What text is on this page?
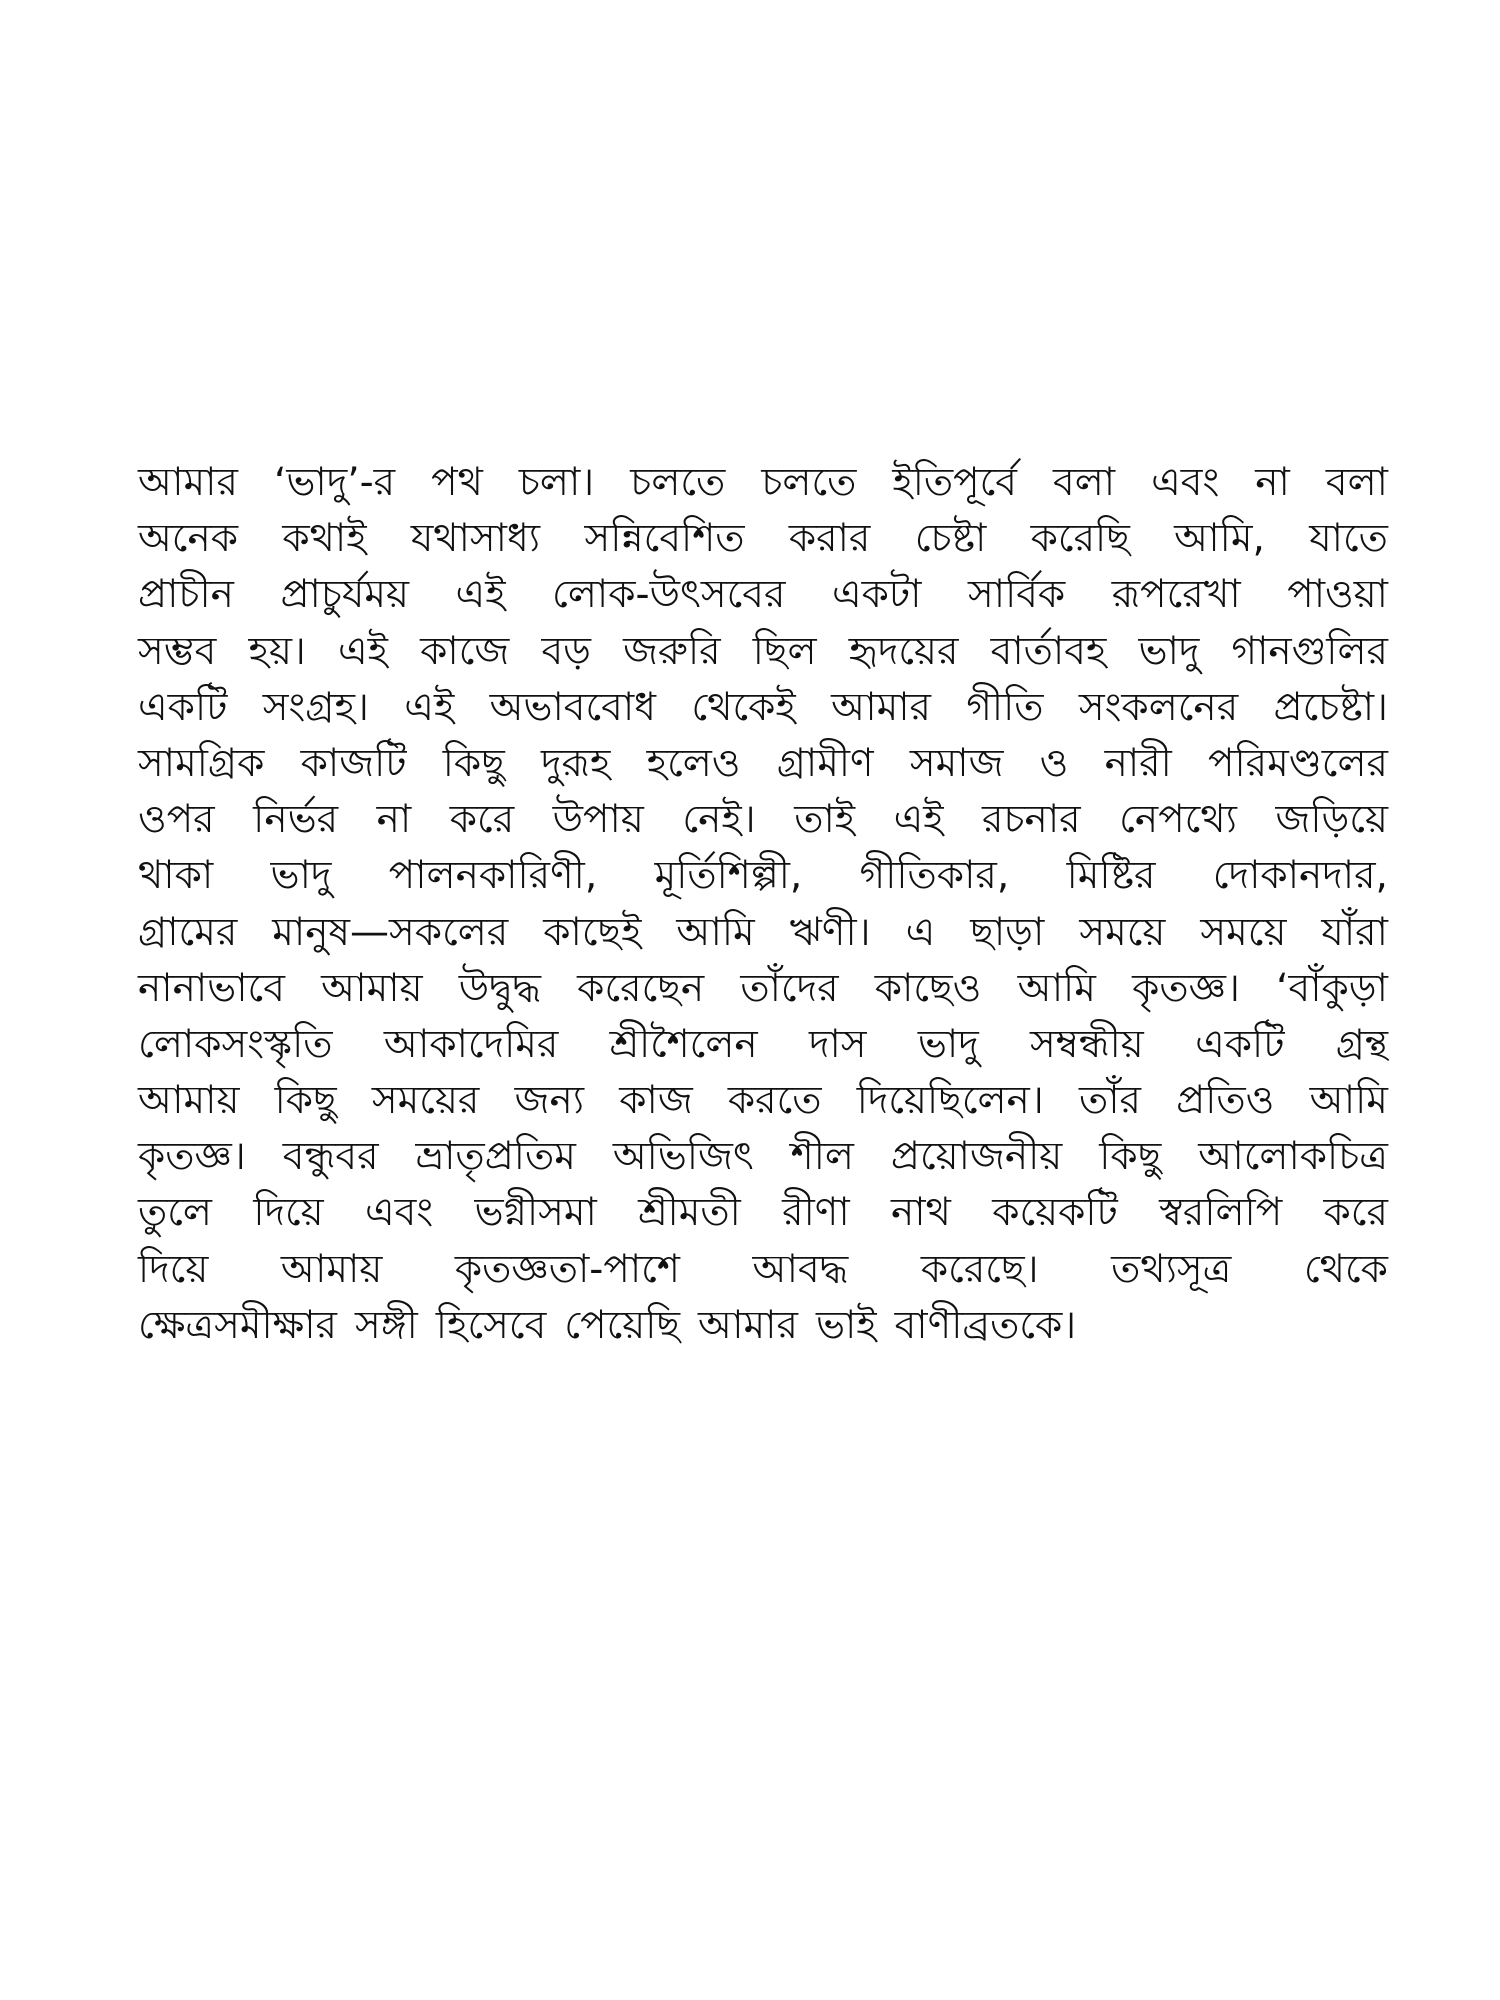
আমার ‘ভাদু’-র পথ চলা। চলতে চলতে ইতিপূর্বে বলা এবং না বলা
অনেক কথাই যথাসাধ্য সন্নিবেশিত করার চেষ্টা করেছি আমি, যাতে
প্রাচীন প্রাচুর্যময় এই লোক-উৎসবের একটা সার্বিক রূপরেখা পাওয়া
সম্ভব হয়। এই কাজে বড় জরুরি ছিল হৃদয়ের বার্তাবহ ভাদু গানগুলির
একটি সংগ্রহ। এই অভাববোধ থেকেই আমার গীতি সংকলনের প্রচেষ্টা।
সামগ্রিক কাজটি কিছু দুরূহ হলেও গ্রামীণ সমাজ ও নারী পরিমণ্ডলের
ওপর নির্ভর না করে উপায় নেই। তাই এই রচনার নেপথ্যে জড়িয়ে
থাকা ভাদু পালনকারিণী, মূর্তিশিল্পী, গীতিকার, মিষ্টির দোকানদার,
গ্রামের মানুষ—সকলের কাছেই আমি ঋণী। এ ছাড়া সময়ে সময়ে যাঁরা
নানাভাবে আমায় উদ্বুদ্ধ করেছেন তাঁদের কাছেও আমি কৃতজ্ঞ। ‘বাঁকুড়া
লোকসংস্কৃতি আকাদেমির শ্রীশৈলেন দাস ভাদু সম্বন্ধীয় একটি গ্রন্থ
আমায় কিছু সময়ের জন্য কাজ করতে দিয়েছিলেন। তাঁর প্রতিও আমি
কৃতজ্ঞ। বন্ধুবর ভ্রাতৃপ্রতিম অভিজিৎ শীল প্রয়োজনীয় কিছু আলোকচিত্র
তুলে দিয়ে এবং ভগ্নীসমা শ্রীমতী রীণা নাথ কয়েকটি স্বরলিপি করে
দিয়ে আমায় কৃতজ্ঞতা-পাশে আবদ্ধ করেছে। তথ্যসূত্র থেকে
ক্ষেত্রসমীক্ষার সঙ্গী হিসেবে পেয়েছি আমার ভাই বাণীব্রতকে।
